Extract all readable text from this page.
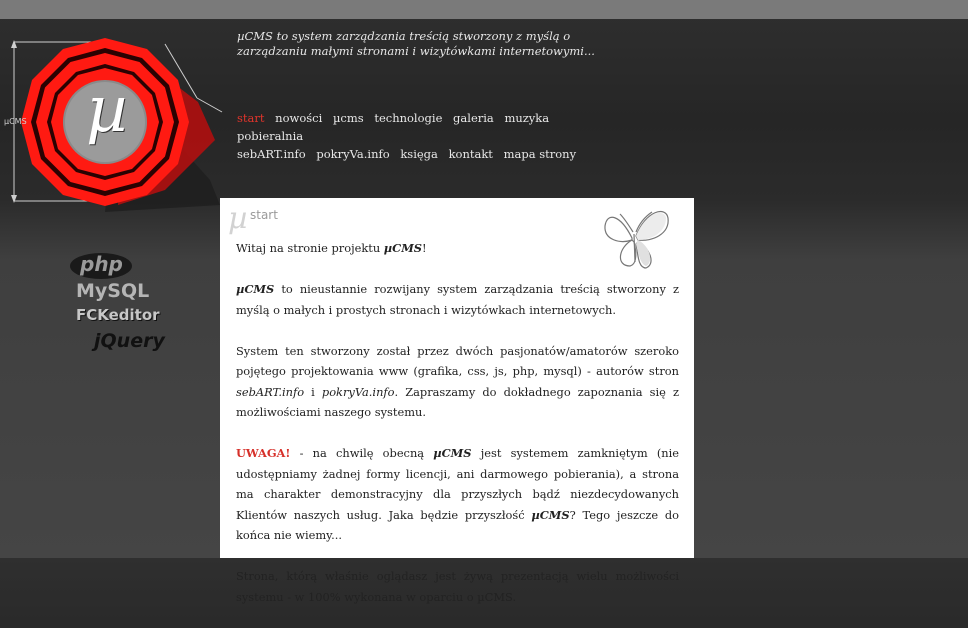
µCMS µ
µCMS to system zarządzania treścią stworzony z myślą o zarządzaniu małymi stronami i wizytówkami internetowymi...
start nowości µcms technologie galeria muzyka pobieralnia
sebART.info pokryVa.info księga kontakt mapa strony
php
MySQL
FCKeditor
jQuery
µ start

Witaj na stronie projektu µCMS!

µCMS to nieustannie rozwijany system zarządzania treścią stworzony z myślą o małych i prostych stronach i wizytówkach internetowych.

System ten stworzony został przez dwóch pasjonatów/amatorów szeroko pojętego projektowania www (grafika, css, js, php, mysql) - autorów stron sebART.info i pokryVa.info. Zapraszamy do dokładnego zapoznania się z możliwościami naszego systemu.

UWAGA! - na chwilę obecną µCMS jest systemem zamkniętym (nie udostępniamy żadnej formy licencji, ani darmowego pobierania), a strona ma charakter demonstracyjny dla przyszłych bądź niezdecydowanych Klientów naszych usług. Jaka będzie przyszłość µCMS? Tego jeszcze do końca nie wiemy...

Strona, którą właśnie oglądasz jest żywą prezentacją wielu możliwości systemu - w 100% wykonana w oparciu o µCMS.
